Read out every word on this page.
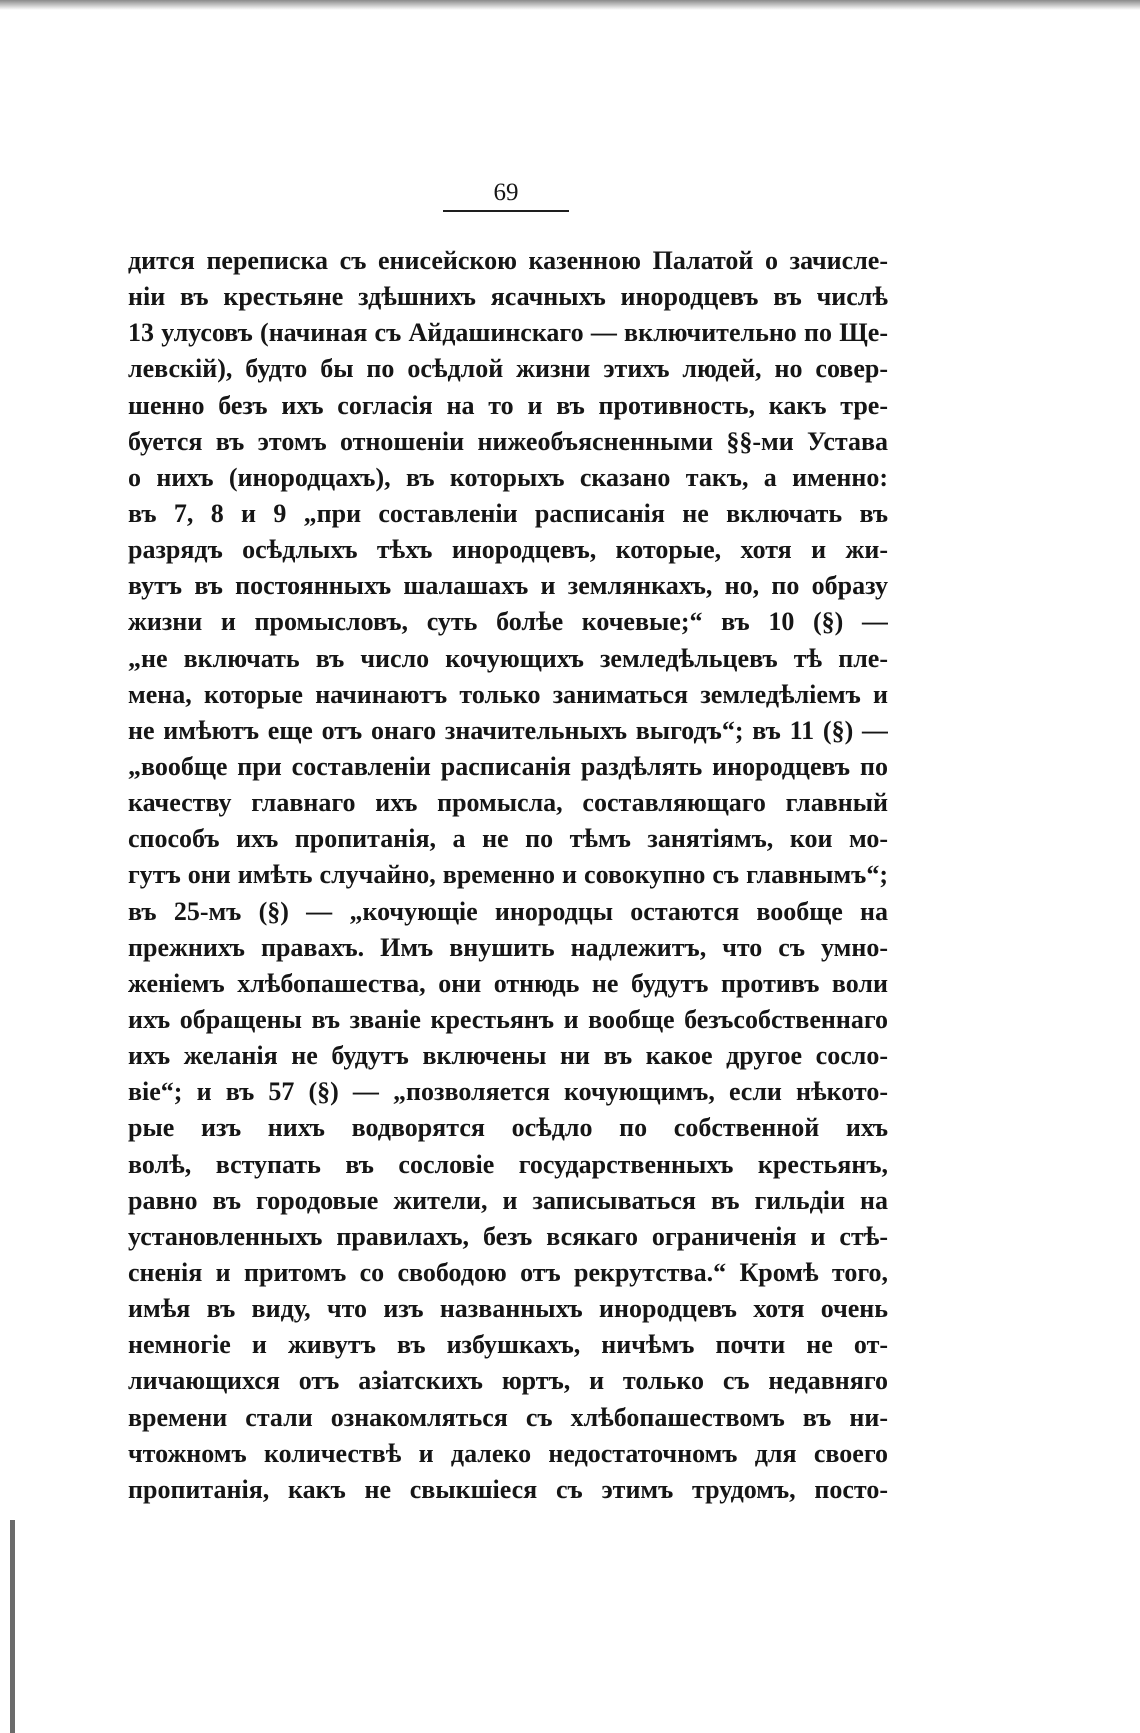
69
дится переписка съ енисейскою казенною Палатой о зачисле-
нiи въ крестьяне здѣшнихъ ясачныхъ инородцевъ въ числѣ
13 улусовъ (начиная съ Айдашинскаго — включительно по Ще-
левскiй), будто бы по осѣдлой жизни этихъ людей, но совер-
шенно безъ ихъ согласiя на то и въ противность, какъ тре-
буется въ этомъ отношенiи нижеобъясненными §§-ми Устава
о нихъ (инородцахъ), въ которыхъ сказано такъ, а именно:
въ 7, 8 и 9 „при составленiи расписанiя не включать въ
разрядъ осѣдлыхъ тѣхъ инородцевъ, которые, хотя и жи-
вутъ въ постоянныхъ шалашахъ и землянкахъ, но, по образу
жизни и промысловъ, суть болѣе кочевые;“ въ 10 (§) —
„не включать въ число кочующихъ земледѣльцевъ тѣ пле-
мена, которые начинаютъ только заниматься земледѣлiемъ и
не имѣютъ еще отъ онаго значительныхъ выгодъ“; въ 11 (§) —
„вообще при составленiи расписанiя раздѣлять инородцевъ по
качеству главнаго ихъ промысла, составляющаго главный
способъ ихъ пропитанiя, а не по тѣмъ занятiямъ, кои мо-
гутъ они имѣть случайно, временно и совокупно съ главнымъ“;
въ 25-мъ (§) — „кочующiе инородцы остаются вообще на
прежнихъ правахъ. Имъ внушить надлежитъ, что съ умно-
женiемъ хлѣбопашества, они отнюдь не будутъ противъ воли
ихъ обращены въ званiе крестьянъ и вообще безъсобственнаго
ихъ желанiя не будутъ включены ни въ какое другое сосло-
вiе“; и въ 57 (§) — „позволяется кочующимъ, если нѣкото-
рые изъ нихъ водворятся осѣдло по собственной ихъ
волѣ, вступать въ сословiе государственныхъ крестьянъ,
равно въ городовые жители, и записываться въ гильдiи на
установленныхъ правилахъ, безъ всякаго ограниченiя и стѣ-
сненiя и притомъ со свободою отъ рекрутства.“ Кромѣ того,
имѣя въ виду, что изъ названныхъ инородцевъ хотя очень
немногiе и живутъ въ избушкахъ, ничѣмъ почти не от-
личающихся отъ азiатскихъ юртъ, и только съ недавняго
времени стали ознакомляться съ хлѣбопашествомъ въ ни-
чтожномъ количествѣ и далеко недостаточномъ для своего
пропитанiя, какъ не свыкшiеся съ этимъ трудомъ, посто-
